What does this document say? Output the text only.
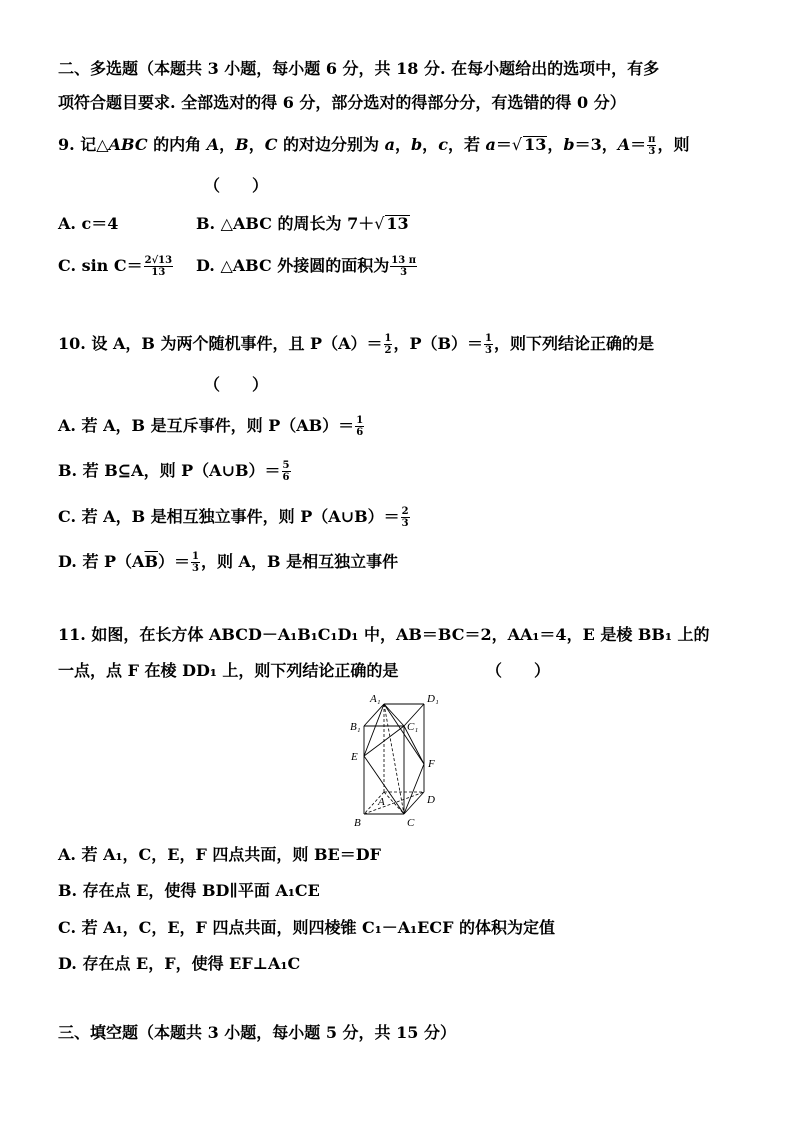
二、多选题（本题共 3 小题，每小题 6 分，共 18 分. 在每小题给出的选项中，有多
项符合题目要求. 全部选对的得 6 分，部分选对的得部分分，有选错的得 0 分）
9. 记△ABC 的内角 A，B，C 的对边分别为 a，b，c，若 a＝√ 13，b＝3，$A= \frac{\pi}{3}$ ，则
（　　）
A. c＝4	B. △ABC 的周长为 7＋√ 13
C. $\sin C= \frac{2√13}{13} D$. △ABC 外接圆的面积为 $\frac{13 \pi}{3}$
10. 设 A，B 为两个随机事件，且 $P(A)= \frac{1}{2}$ ，$P(B)= \frac{1}{3}$ ，则下列结论正确的是
（　　）
A. 若 A，B 是互斥事件，则 $P(AB)= \frac{1}{6}$
B. 若 B⊆A，则 P（A∪B）＝ $\frac{5}{6}$
C. 若 A，B 是相互独立事件，则 P（A∪B）＝ $\frac{2}{3}$
D. 若 $P(A\overline{B})= \frac{1}{3}$ ，则 A，B 是相互独立事件
11. 如图，在长方体 ABCD－A₁B₁C₁D₁ 中，AB＝BC＝2，AA₁＝4，E 是棱 BB₁ 上的
一点，点 F 在棱 DD₁ 上，则下列结论正确的是	（　　）
A₁	D₁
B₁	C₁
E
F
A	D
B	C
A. 若 A₁，C，E，F 四点共面，则 BE＝DF
B. 存在点 E，使得 BD∥平面 A₁CE
C. 若 A₁，C，E，F 四点共面，则四棱锥 C₁－A₁ECF 的体积为定值
D. 存在点 E，F，使得 EF⊥A₁C
三、填空题（本题共 3 小题，每小题 5 分，共 15 分）
